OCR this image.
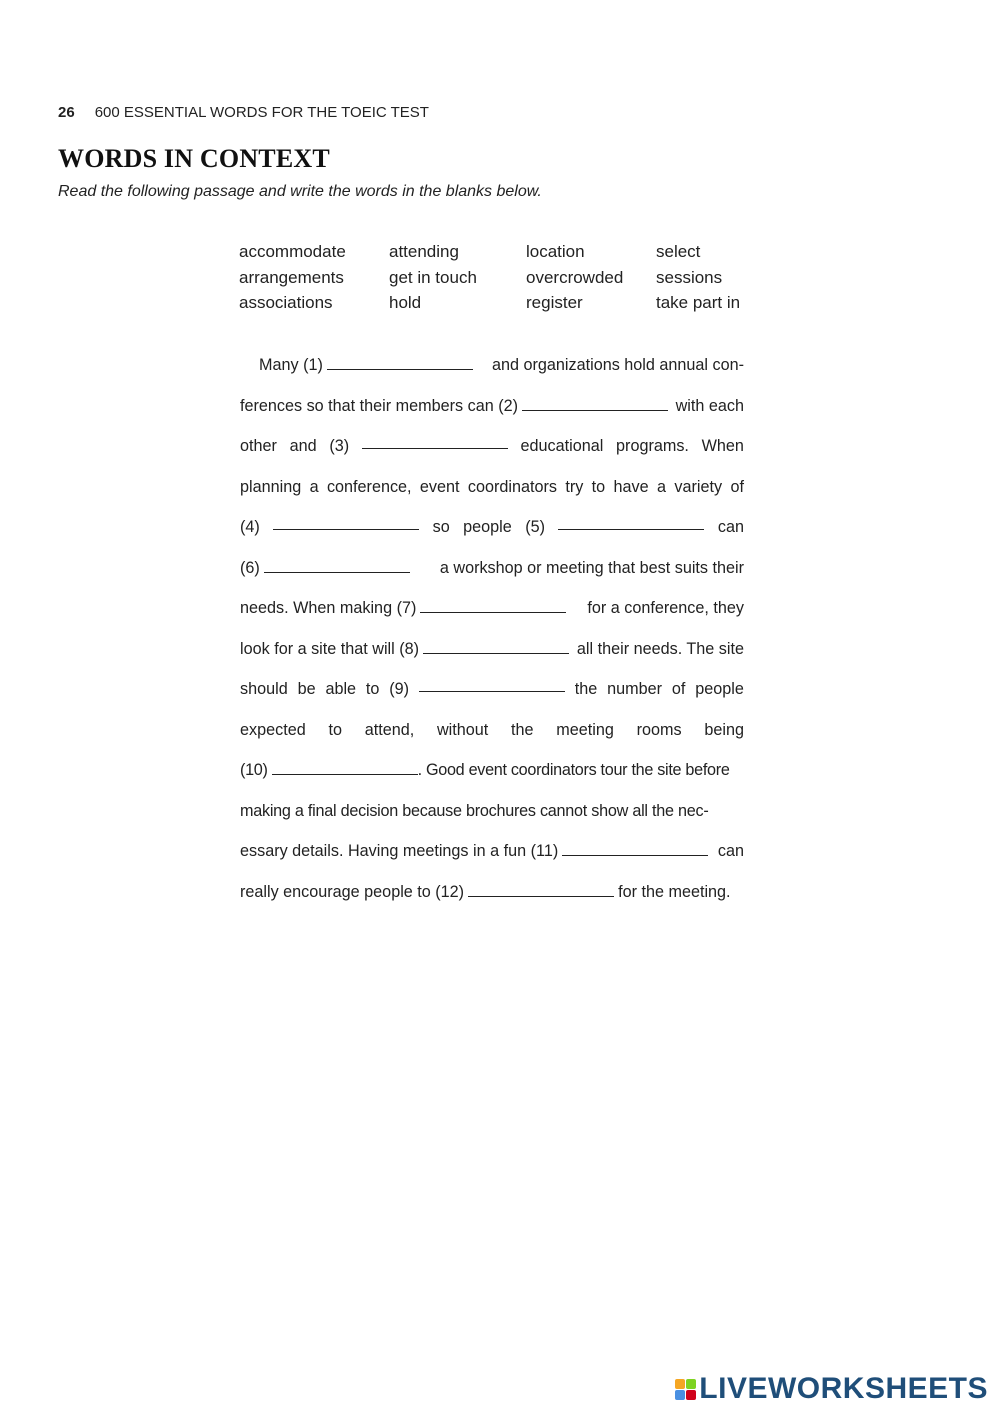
26 600 ESSENTIAL WORDS FOR THE TOEIC TEST
WORDS IN CONTEXT
Read the following passage and write the words in the blanks below.
accommodate	attending	location	select
arrangements	get in touch	overcrowded	sessions
associations	hold	register	take part in
Many (1)	and organizations hold annual con-
ferences so that their members can (2)	with each
other and (3)	educational programs. When
planning a conference, event coordinators try to have a variety of
(4)	so people (5)	can
(6)	a workshop or meeting that best suits their
needs. When making (7)	for a conference, they
look for a site that will (8)	all their needs. The site
should be able to (9)	the number of people
expected to attend, without the meeting rooms being
(10)	. Good event coordinators tour the site before
making a final decision because brochures cannot show all the nec-
essary details. Having meetings in a fun (11)	can
really encourage people to (12)	for the meeting.
LIVEWORKSHEETS
